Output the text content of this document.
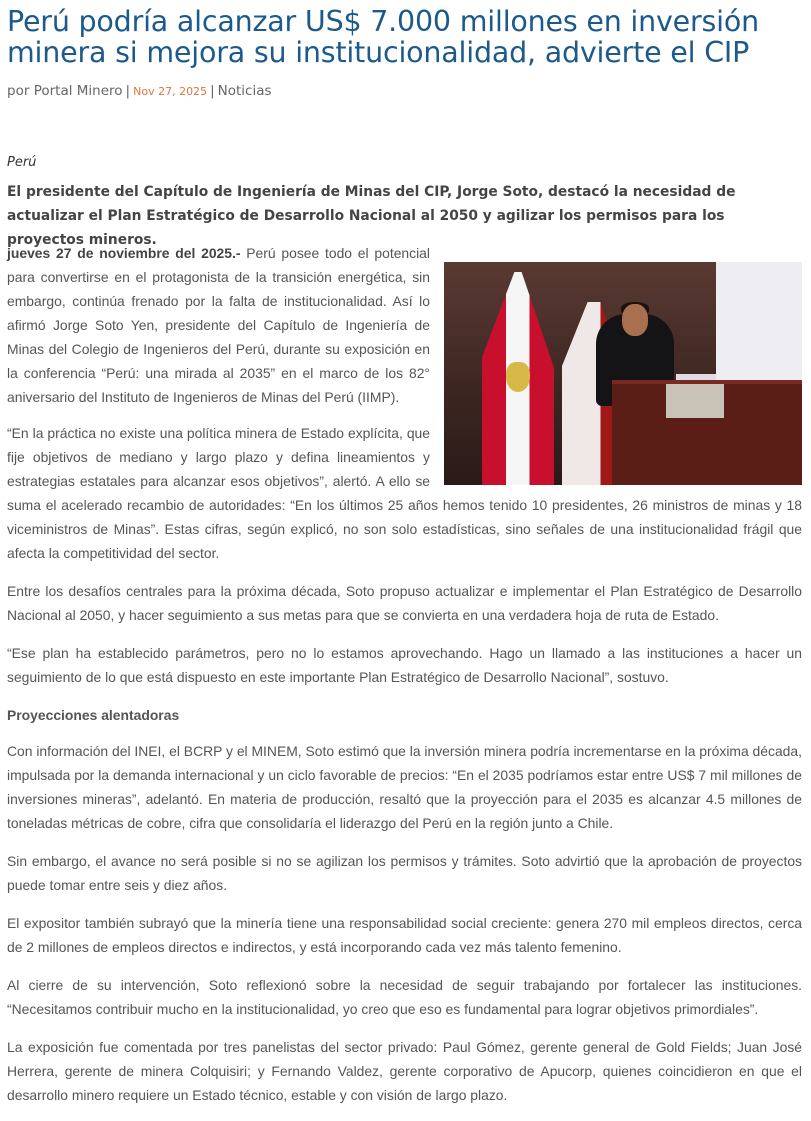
Perú podría alcanzar US$ 7.000 millones en inversión minera si mejora su institucionalidad, advierte el CIP
por Portal Minero | Nov 27, 2025 | Noticias
Perú
El presidente del Capítulo de Ingeniería de Minas del CIP, Jorge Soto, destacó la necesidad de actualizar el Plan Estratégico de Desarrollo Nacional al 2050 y agilizar los permisos para los proyectos mineros.

jueves 27 de noviembre del 2025.- Perú posee todo el potencial para convertirse en el protagonista de la transición energética, sin embargo, continúa frenado por la falta de institucionalidad. Así lo afirmó Jorge Soto Yen, presidente del Capítulo de Ingeniería de Minas del Colegio de Ingenieros del Perú, durante su exposición en la conferencia “Perú: una mirada al 2035” en el marco de los 82° aniversario del Instituto de Ingenieros de Minas del Perú (IIMP).

“En la práctica no existe una política minera de Estado explícita, que fije objetivos de mediano y largo plazo y defina lineamientos y estrategias estatales para alcanzar esos objetivos”, alertó. A ello se suma el acelerado recambio de autoridades: “En los últimos 25 años hemos tenido 10 presidentes, 26 ministros de minas y 18 viceministros de Minas”. Estas cifras, según explicó, no son solo estadísticas, sino señales de una institucionalidad frágil que afecta la competitividad del sector.

Entre los desafíos centrales para la próxima década, Soto propuso actualizar e implementar el Plan Estratégico de Desarrollo Nacional al 2050, y hacer seguimiento a sus metas para que se convierta en una verdadera hoja de ruta de Estado.

“Ese plan ha establecido parámetros, pero no lo estamos aprovechando. Hago un llamado a las instituciones a hacer un seguimiento de lo que está dispuesto en este importante Plan Estratégico de Desarrollo Nacional”, sostuvo.

Proyecciones alentadoras

Con información del INEI, el BCRP y el MINEM, Soto estimó que la inversión minera podría incrementarse en la próxima década, impulsada por la demanda internacional y un ciclo favorable de precios: “En el 2035 podríamos estar entre US$ 7 mil millones de inversiones mineras”, adelantó. En materia de producción, resaltó que la proyección para el 2035 es alcanzar 4.5 millones de toneladas métricas de cobre, cifra que consolidaría el liderazgo del Perú en la región junto a Chile.

Sin embargo, el avance no será posible si no se agilizan los permisos y trámites. Soto advirtió que la aprobación de proyectos puede tomar entre seis y diez años.

El expositor también subrayó que la minería tiene una responsabilidad social creciente: genera 270 mil empleos directos, cerca de 2 millones de empleos directos e indirectos, y está incorporando cada vez más talento femenino.

Al cierre de su intervención, Soto reflexionó sobre la necesidad de seguir trabajando por fortalecer las instituciones. “Necesitamos contribuir mucho en la institucionalidad, yo creo que eso es fundamental para lograr objetivos primordiales”.

La exposición fue comentada por tres panelistas del sector privado: Paul Gómez, gerente general de Gold Fields; Juan José Herrera, gerente de minera Colquisiri; y Fernando Valdez, gerente corporativo de Apucorp, quienes coincidieron en que el desarrollo minero requiere un Estado técnico, estable y con visión de largo plazo.
